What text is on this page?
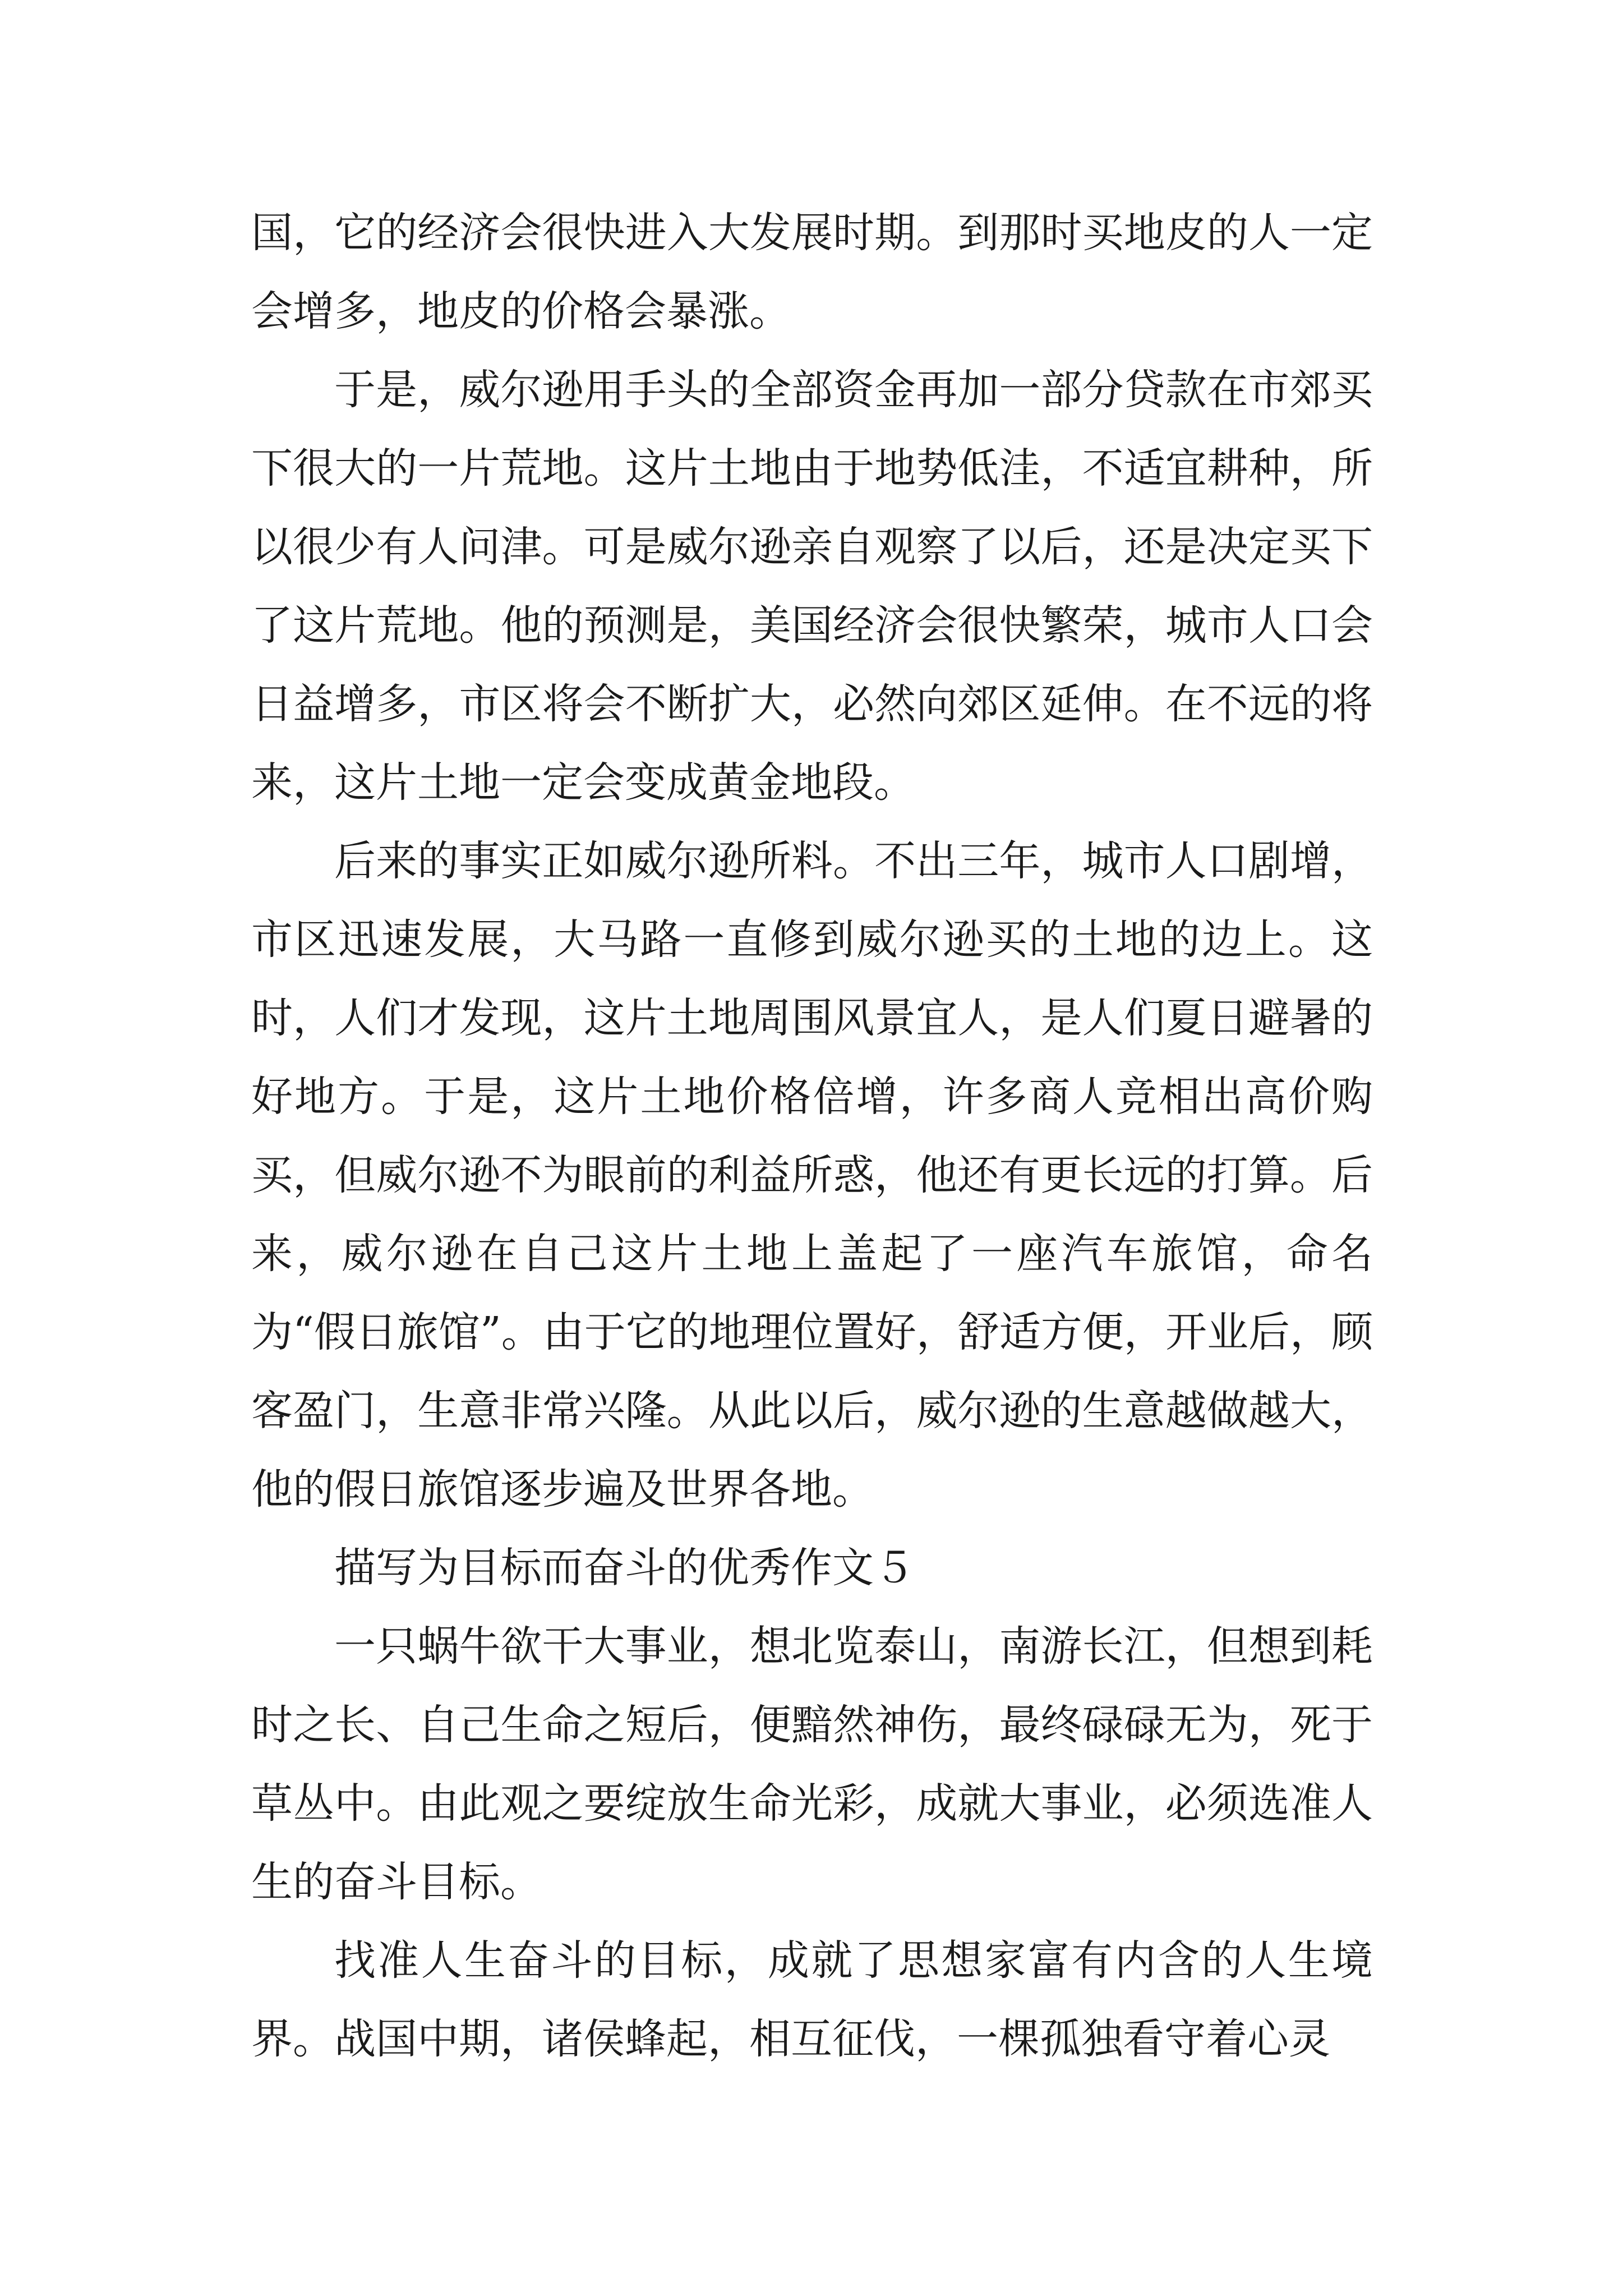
国，它的经济会很快进入大发展时期。到那时买地皮的人一定会增多，地皮的价格会暴涨。

于是，威尔逊用手头的全部资金再加一部分贷款在市郊买下很大的一片荒地。这片土地由于地势低洼，不适宜耕种，所以很少有人问津。可是威尔逊亲自观察了以后，还是决定买下了这片荒地。他的预测是，美国经济会很快繁荣，城市人口会日益增多，市区将会不断扩大，必然向郊区延伸。在不远的将来，这片土地一定会变成黄金地段。

后来的事实正如威尔逊所料。不出三年，城市人口剧增，市区迅速发展，大马路一直修到威尔逊买的土地的边上。这时，人们才发现，这片土地周围风景宜人，是人们夏日避暑的好地方。于是，这片土地价格倍增，许多商人竞相出高价购买，但威尔逊不为眼前的利益所惑，他还有更长远的打算。后来，威尔逊在自己这片土地上盖起了一座汽车旅馆，命名为“假日旅馆”。由于它的地理位置好，舒适方便，开业后，顾客盈门，生意非常兴隆。从此以后，威尔逊的生意越做越大，他的假日旅馆逐步遍及世界各地。

描写为目标而奋斗的优秀作文５

一只蜗牛欲干大事业，想北览泰山，南游长江，但想到耗时之长、自己生命之短后，便黯然神伤，最终碌碌无为，死于草丛中。由此观之要绽放生命光彩，成就大事业，必须选准人生的奋斗目标。

找准人生奋斗的目标，成就了思想家富有内含的人生境界。战国中期，诸侯蜂起，相互征伐，一棵孤独看守着心灵
